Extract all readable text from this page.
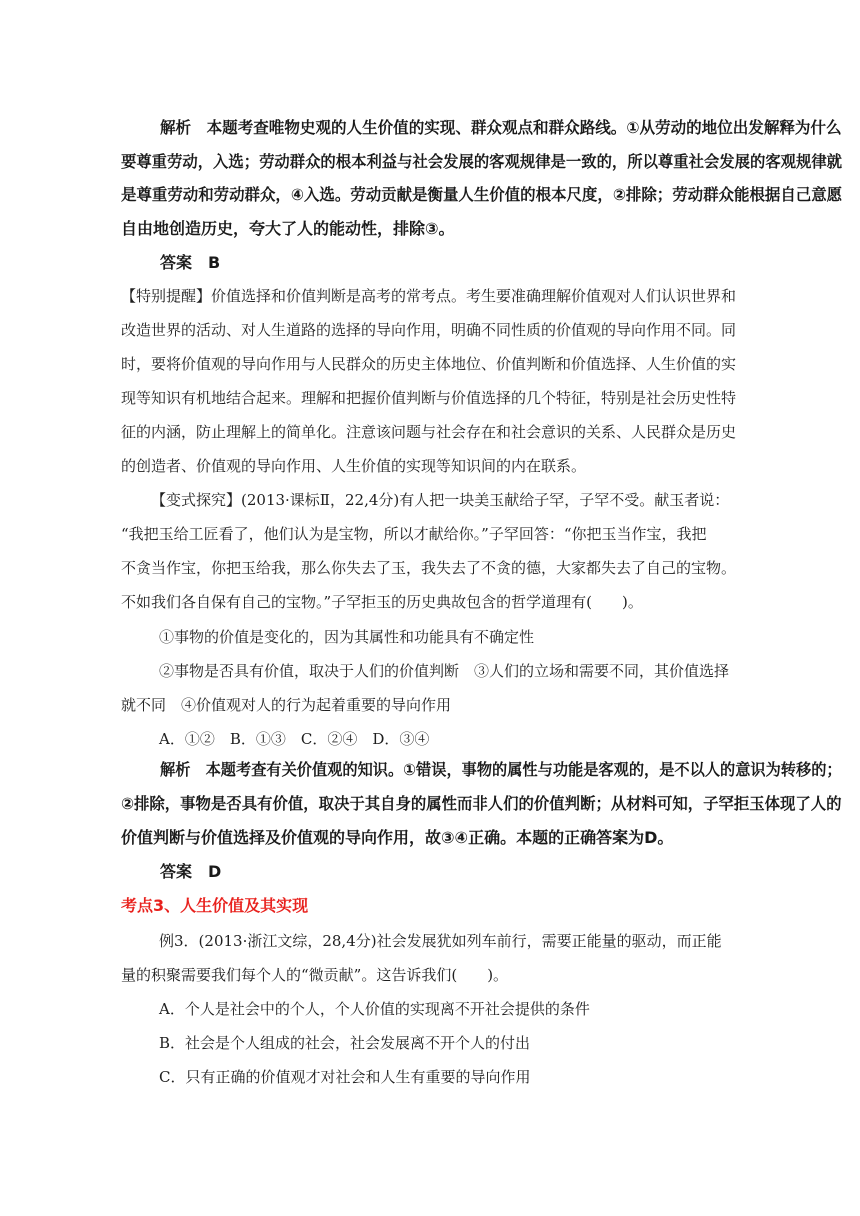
解析　本题考查唯物史观的人生价值的实现、群众观点和群众路线。①从劳动的地位出发解释为什么
要尊重劳动，入选；劳动群众的根本利益与社会发展的客观规律是一致的，所以尊重社会发展的客观规律就
是尊重劳动和劳动群众，④入选。劳动贡献是衡量人生价值的根本尺度，②排除；劳动群众能根据自己意愿
自由地创造历史，夸大了人的能动性，排除③。
答案　B
【特别提醒】价值选择和价值判断是高考的常考点。考生要准确理解价值观对人们认识世界和
改造世界的活动、对人生道路的选择的导向作用，明确不同性质的价值观的导向作用不同。同
时，要将价值观的导向作用与人民群众的历史主体地位、价值判断和价值选择、人生价值的实
现等知识有机地结合起来。理解和把握价值判断与价值选择的几个特征，特别是社会历史性特
征的内涵，防止理解上的简单化。注意该问题与社会存在和社会意识的关系、人民群众是历史
的创造者、价值观的导向作用、人生价值的实现等知识间的内在联系。
【变式探究】(2013·课标Ⅱ，22,4分)有人把一块美玉献给子罕，子罕不受。献玉者说：
“我把玉给工匠看了，他们认为是宝物，所以才献给你。”子罕回答：“你把玉当作宝，我把
不贪当作宝，你把玉给我，那么你失去了玉，我失去了不贪的德，大家都失去了自己的宝物。
不如我们各自保有自己的宝物。”子罕拒玉的历史典故包含的哲学道理有(　　)。
①事物的价值是变化的，因为其属性和功能具有不确定性
②事物是否具有价值，取决于人们的价值判断　③人们的立场和需要不同，其价值选择
就不同　④价值观对人的行为起着重要的导向作用
A．①②　B．①③　C．②④　D．③④
解析　本题考查有关价值观的知识。①错误，事物的属性与功能是客观的，是不以人的意识为转移的；
②排除，事物是否具有价值，取决于其自身的属性而非人们的价值判断；从材料可知，子罕拒玉体现了人的
价值判断与价值选择及价值观的导向作用，故③④正确。本题的正确答案为D。
答案　D
考点3、人生价值及其实现
例3．(2013·浙江文综，28,4分)社会发展犹如列车前行，需要正能量的驱动，而正能
量的积聚需要我们每个人的“微贡献”。这告诉我们(　　)。
A．个人是社会中的个人，个人价值的实现离不开社会提供的条件
B．社会是个人组成的社会，社会发展离不开个人的付出
C．只有正确的价值观才对社会和人生有重要的导向作用
